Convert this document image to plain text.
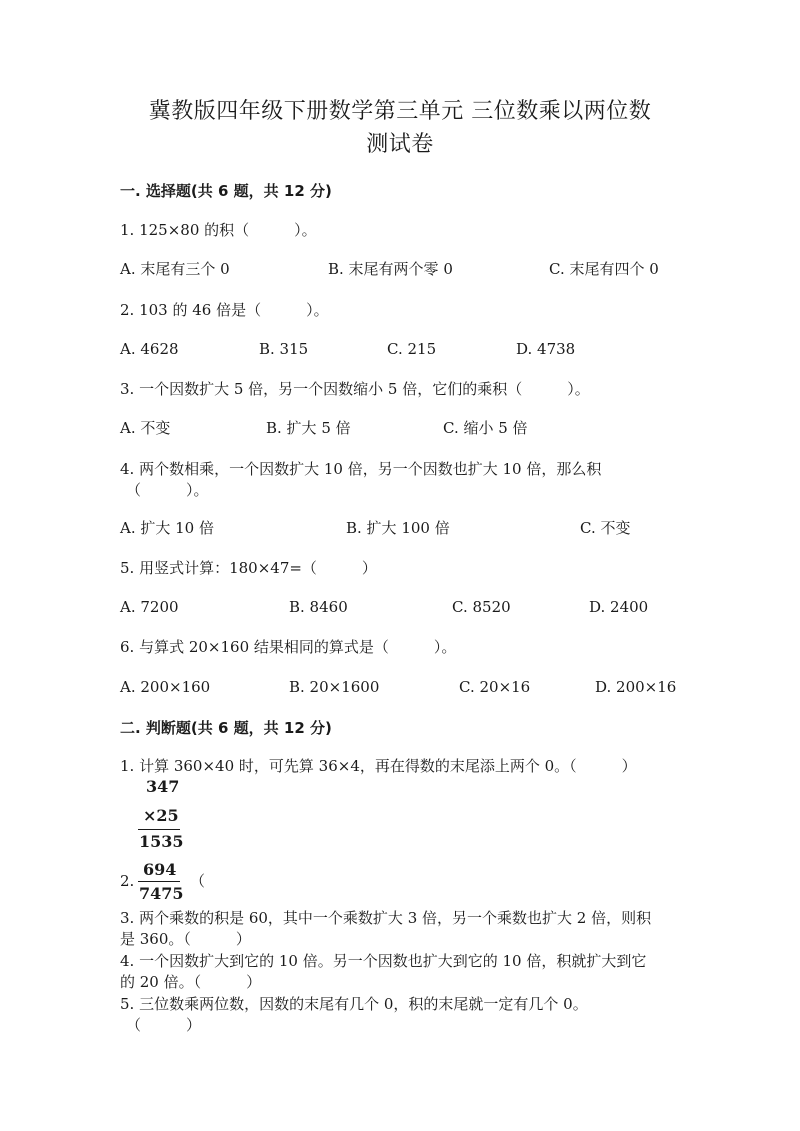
冀教版四年级下册数学第三单元 三位数乘以两位数
测试卷
一. 选择题(共 6 题，共 12 分)
1. 125×80 的积（　　　）。
A. 末尾有三个 0	B. 末尾有两个零 0	C. 末尾有四个 0
2. 103 的 46 倍是（　　　）。
A. 4628	B. 315	C. 215	D. 4738
3. 一个因数扩大 5 倍，另一个因数缩小 5 倍，它们的乘积（　　　）。
A. 不变	B. 扩大 5 倍	C. 缩小 5 倍
4. 两个数相乘，一个因数扩大 10 倍，另一个因数也扩大 10 倍，那么积
（　　　）。
A. 扩大 10 倍	B. 扩大 100 倍	C. 不变
5. 用竖式计算：180×47=（　　　）
A. 7200	B. 8460	C. 8520	D. 2400
6. 与算式 20×160 结果相同的算式是（　　　）。
A. 200×160	B. 20×1600	C. 20×16	D. 200×16
二. 判断题(共 6 题，共 12 分)
1. 计算 360×40 时，可先算 36×4，再在得数的末尾添上两个 0。（　　　）
347
×25
1535
2.
694
7475
（
3. 两个乘数的积是 60，其中一个乘数扩大 3 倍，另一个乘数也扩大 2 倍，则积
是 360。（　　　）
4. 一个因数扩大到它的 10 倍。另一个因数也扩大到它的 10 倍，积就扩大到它
的 20 倍。（　　　）
5. 三位数乘两位数，因数的末尾有几个 0，积的末尾就一定有几个 0。
（　　　）
